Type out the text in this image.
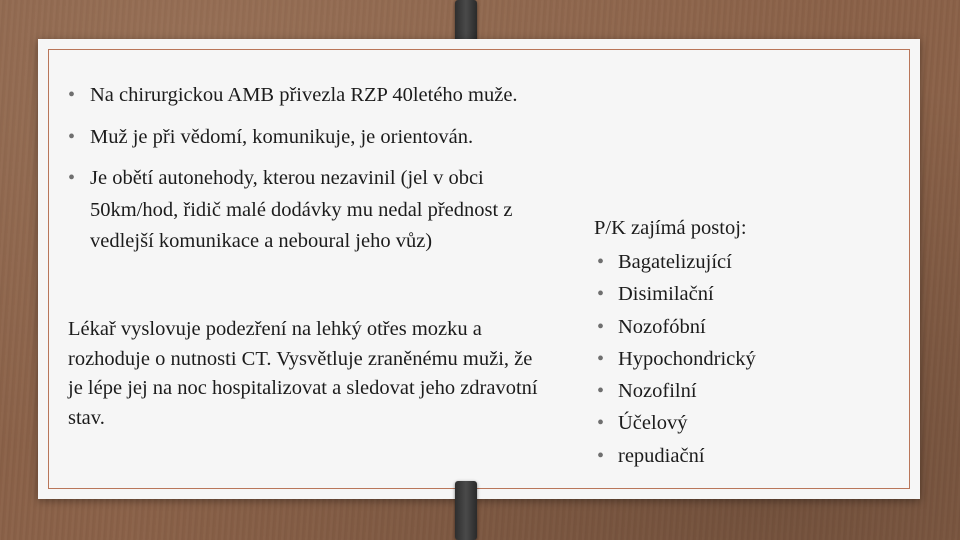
• Na chirurgickou AMB přivezla RZP 40letého muže.
• Muž je při vědomí, komunikuje, je orientován.
• Je obětí autonehody, kterou nezavinil (jel v obci 50km/hod, řidič malé dodávky mu nedal přednost z vedlejší komunikace a neboural jeho vůz)

Lékař vyslovuje podezření na lehký otřes mozku a rozhoduje o nutnosti CT. Vysvětluje zraněnému muži, že je lépe jej na noc hospitalizovat a sledovat jeho zdravotní stav.

P/K zajímá postoj:

• Bagatelizující
• Disimilační
• Nozofóbní
• Hypochondrický
• Nozofilní
• Účelový
• repudiační
